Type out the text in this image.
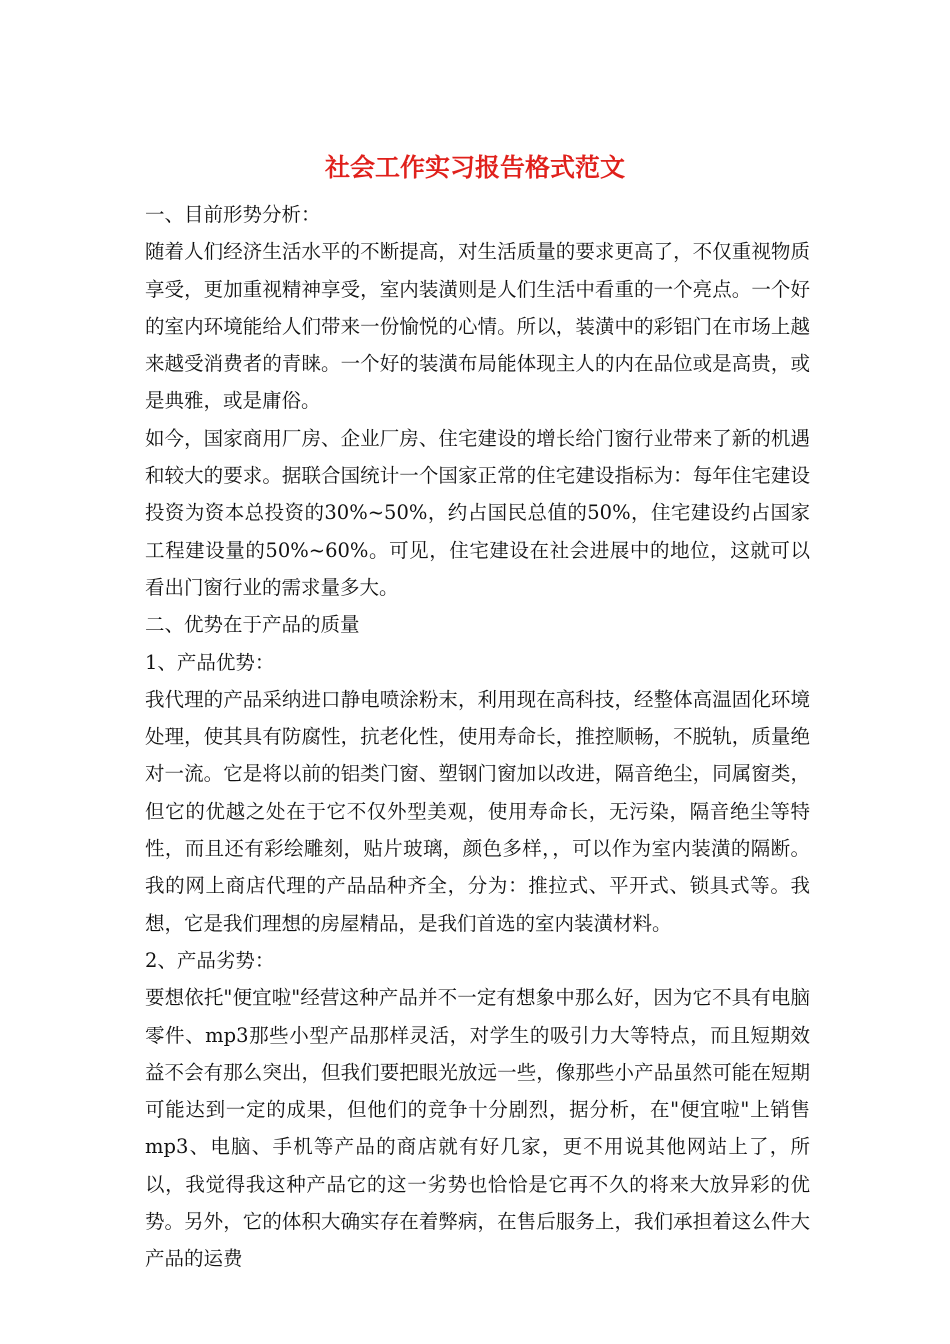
社会工作实习报告格式范文

一、目前形势分析：

随着人们经济生活水平的不断提高，对生活质量的要求更高了，不仅重视物质享受，更加重视精神享受，室内装潢则是人们生活中看重的一个亮点。一个好的室内环境能给人们带来一份愉悦的心情。所以，装潢中的彩铝门在市场上越来越受消费者的青睐。一个好的装潢布局能体现主人的内在品位或是高贵，或是典雅，或是庸俗。

如今，国家商用厂房、企业厂房、住宅建设的增长给门窗行业带来了新的机遇和较大的要求。据联合国统计一个国家正常的住宅建设指标为：每年住宅建设投资为资本总投资的30%~50%，约占国民总值的50%，住宅建设约占国家工程建设量的50%~60%。可见，住宅建设在社会进展中的地位，这就可以看出门窗行业的需求量多大。

二、优势在于产品的质量

1、产品优势：

我代理的产品采纳进口静电喷涂粉末，利用现在高科技，经整体高温固化环境处理，使其具有防腐性，抗老化性，使用寿命长，推控顺畅，不脱轨，质量绝对一流。它是将以前的铝类门窗、塑钢门窗加以改进，隔音绝尘，同属窗类，但它的优越之处在于它不仅外型美观，使用寿命长，无污染，隔音绝尘等特性，而且还有彩绘雕刻，贴片玻璃，颜色多样，，可以作为室内装潢的隔断。我的网上商店代理的产品品种齐全，分为：推拉式、平开式、锁具式等。我想，它是我们理想的房屋精品，是我们首选的室内装潢材料。

2、产品劣势：

要想依托"便宜啦"经营这种产品并不一定有想象中那么好，因为它不具有电脑零件、mp3那些小型产品那样灵活，对学生的吸引力大等特点，而且短期效益不会有那么突出，但我们要把眼光放远一些，像那些小产品虽然可能在短期可能达到一定的成果，但他们的竞争十分剧烈，据分析，在"便宜啦"上销售mp3、电脑、手机等产品的商店就有好几家，更不用说其他网站上了，所以，我觉得我这种产品它的这一劣势也恰恰是它再不久的将来大放异彩的优势。另外，它的体积大确实存在着弊病，在售后服务上，我们承担着这么件大产品的运费
